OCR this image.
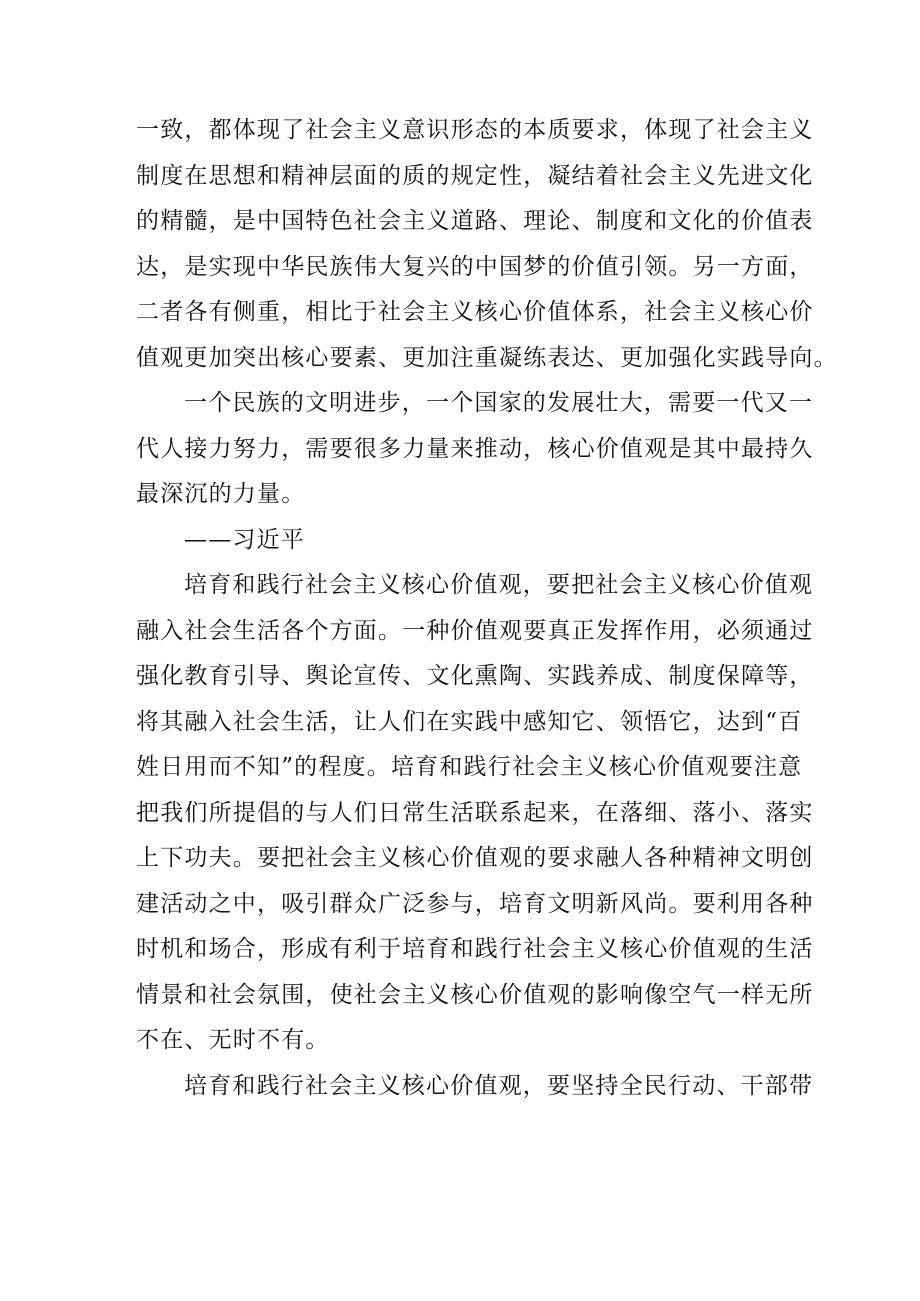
一致，都体现了社会主义意识形态的本质要求，体现了社会主义
制度在思想和精神层面的质的规定性，凝结着社会主义先进文化
的精髓，是中国特色社会主义道路、理论、制度和文化的价值表
达，是实现中华民族伟大复兴的中国梦的价值引领。另一方面，
二者各有侧重，相比于社会主义核心价值体系，社会主义核心价
值观更加突出核心要素、更加注重凝练表达、更加强化实践导向。
一个民族的文明进步，一个国家的发展壮大，需要一代又一
代人接力努力，需要很多力量来推动，核心价值观是其中最持久
最深沉的力量。
——习近平
培育和践行社会主义核心价值观，要把社会主义核心价值观
融入社会生活各个方面。一种价值观要真正发挥作用，必须通过
强化教育引导、舆论宣传、文化熏陶、实践养成、制度保障等，
将其融入社会生活，让人们在实践中感知它、领悟它，达到“百
姓日用而不知”的程度。培育和践行社会主义核心价值观要注意
把我们所提倡的与人们日常生活联系起来，在落细、落小、落实
上下功夫。要把社会主义核心价值观的要求融人各种精神文明创
建活动之中，吸引群众广泛参与，培育文明新风尚。要利用各种
时机和场合，形成有利于培育和践行社会主义核心价值观的生活
情景和社会氛围，使社会主义核心价值观的影响像空气一样无所
不在、无时不有。
培育和践行社会主义核心价值观，要坚持全民行动、干部带
